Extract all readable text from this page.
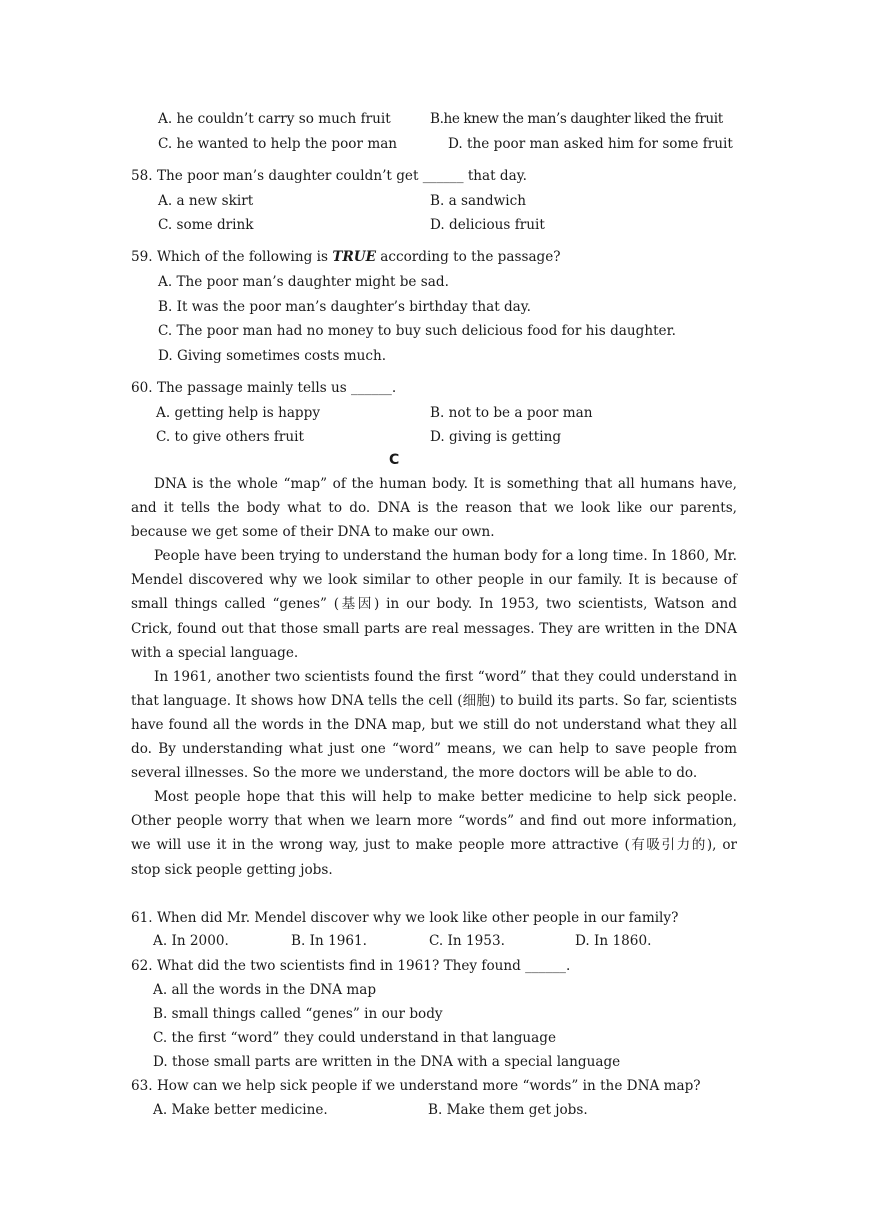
A. he couldn’t carry so much fruit	B.he knew the man’s daughter liked the fruit
C. he wanted to help the poor man	D. the poor man asked him for some fruit
58. The poor man’s daughter couldn’t get ______ that day.
A. a new skirt	B. a sandwich
C. some drink	D. delicious fruit
59. Which of the following is TRUE according to the passage?
A. The poor man’s daughter might be sad.
B. It was the poor man’s daughter’s birthday that day.
C. The poor man had no money to buy such delicious food for his daughter.
D. Giving sometimes costs much.
60. The passage mainly tells us ______.
A. getting help is happy	B. not to be a poor man
C. to give others fruit	D. giving is getting
C

DNA is the whole “map” of the human body. It is something that all humans have, and it tells the body what to do. DNA is the reason that we look like our parents, because we get some of their DNA to make our own.

People have been trying to understand the human body for a long time. In 1860, Mr. Mendel discovered why we look similar to other people in our family. It is because of small things called “genes” (基因) in our body. In 1953, two scientists, Watson and Crick, found out that those small parts are real messages. They are written in the DNA with a special language.

In 1961, another two scientists found the first “word” that they could understand in that language. It shows how DNA tells the cell (细胞) to build its parts. So far, scientists have found all the words in the DNA map, but we still do not understand what they all do. By understanding what just one “word” means, we can help to save people from several illnesses. So the more we understand, the more doctors will be able to do.

Most people hope that this will help to make better medicine to help sick people. Other people worry that when we learn more “words” and find out more information, we will use it in the wrong way, just to make people more attractive (有吸引力的), or stop sick people getting jobs.

61. When did Mr. Mendel discover why we look like other people in our family?
A. In 2000.	B. In 1961.	C. In 1953.	D. In 1860.
62. What did the two scientists find in 1961? They found ______.
A. all the words in the DNA map
B. small things called “genes” in our body
C. the first “word” they could understand in that language
D. those small parts are written in the DNA with a special language
63. How can we help sick people if we understand more “words” in the DNA map?
A. Make better medicine.	B. Make them get jobs.
